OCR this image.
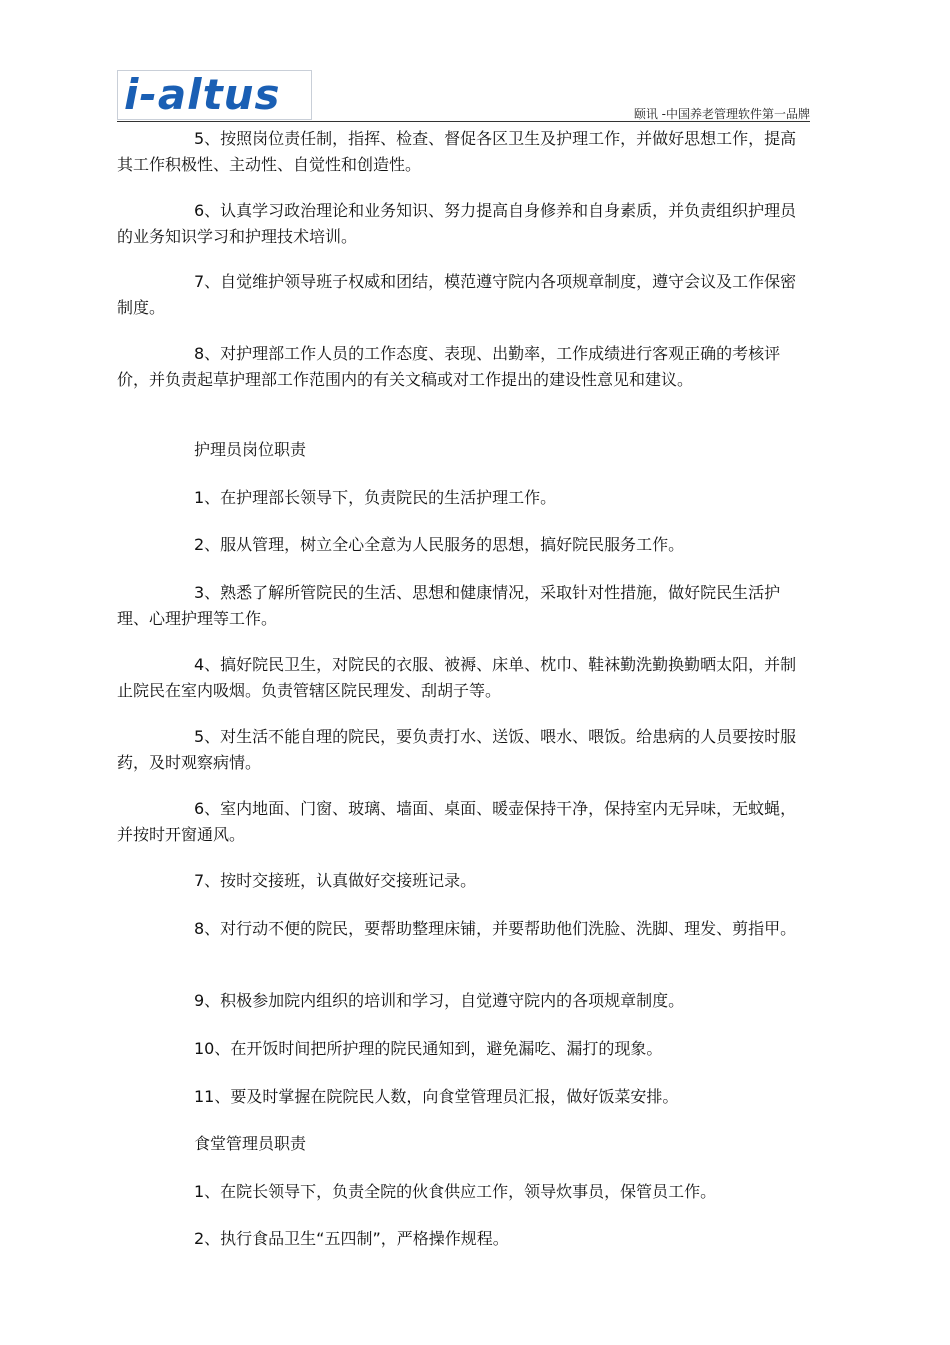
i-altus	颐讯 -中国养老管理软件第一品牌

5、按照岗位责任制，指挥、检查、督促各区卫生及护理工作，并做好思想工作，提高其工作积极性、主动性、自觉性和创造性。

6、认真学习政治理论和业务知识、努力提高自身修养和自身素质，并负责组织护理员的业务知识学习和护理技术培训。

7、自觉维护领导班子权威和团结，模范遵守院内各项规章制度，遵守会议及工作保密制度。

8、对护理部工作人员的工作态度、表现、出勤率，工作成绩进行客观正确的考核评价，并负责起草护理部工作范围内的有关文稿或对工作提出的建设性意见和建议。

护理员岗位职责

1、在护理部长领导下，负责院民的生活护理工作。

2、服从管理，树立全心全意为人民服务的思想，搞好院民服务工作。

3、熟悉了解所管院民的生活、思想和健康情况，采取针对性措施，做好院民生活护理、心理护理等工作。

4、搞好院民卫生，对院民的衣服、被褥、床单、枕巾、鞋袜勤洗勤换勤晒太阳，并制止院民在室内吸烟。负责管辖区院民理发、刮胡子等。

5、对生活不能自理的院民，要负责打水、送饭、喂水、喂饭。给患病的人员要按时服药，及时观察病情。

6、室内地面、门窗、玻璃、墙面、桌面、暖壶保持干净，保持室内无异味，无蚊蝇，并按时开窗通风。

7、按时交接班，认真做好交接班记录。

8、对行动不便的院民，要帮助整理床铺，并要帮助他们洗脸、洗脚、理发、剪指甲。

9、积极参加院内组织的培训和学习，自觉遵守院内的各项规章制度。

10、在开饭时间把所护理的院民通知到，避免漏吃、漏打的现象。

11、要及时掌握在院院民人数，向食堂管理员汇报，做好饭菜安排。

食堂管理员职责

1、在院长领导下，负责全院的伙食供应工作，领导炊事员，保管员工作。

2、执行食品卫生“五四制”，严格操作规程。
